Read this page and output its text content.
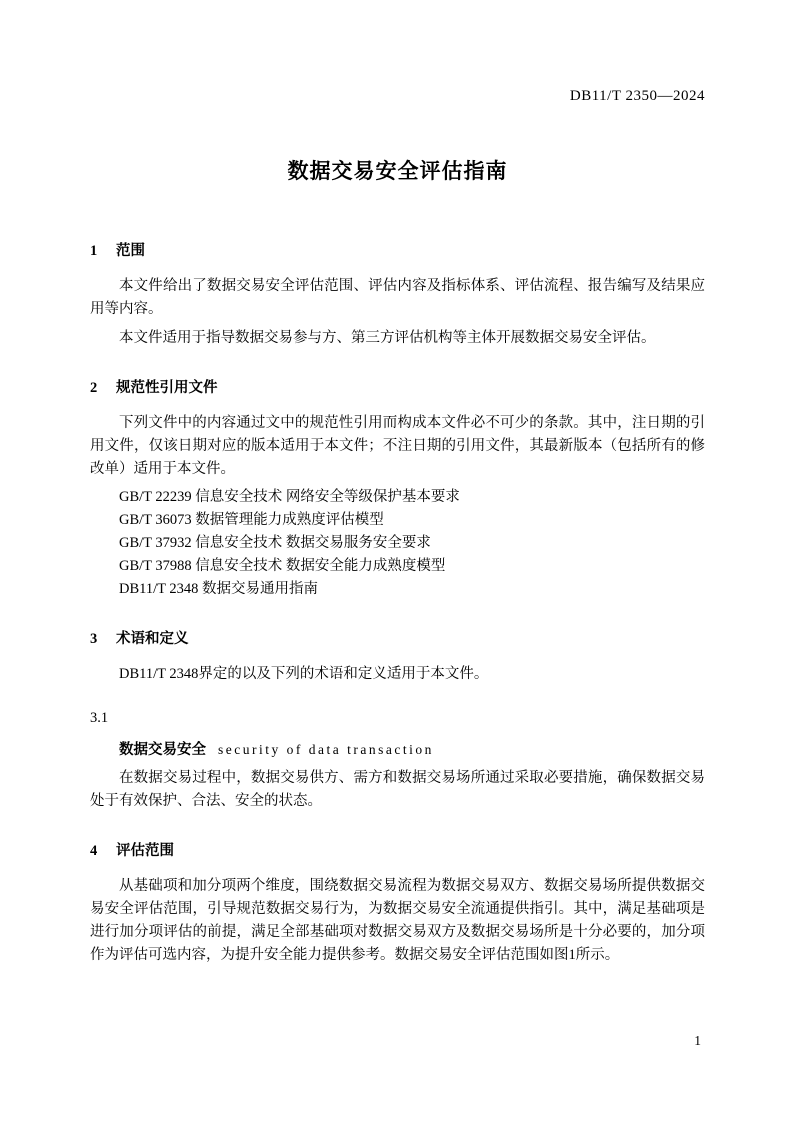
DB11/T 2350—2024
数据交易安全评估指南
1 范围

本文件给出了数据交易安全评估范围、评估内容及指标体系、评估流程、报告编写及结果应用等内容。

本文件适用于指导数据交易参与方、第三方评估机构等主体开展数据交易安全评估。

2 规范性引用文件

下列文件中的内容通过文中的规范性引用而构成本文件必不可少的条款。其中，注日期的引用文件，仅该日期对应的版本适用于本文件；不注日期的引用文件，其最新版本（包括所有的修改单）适用于本文件。

GB/T 22239 信息安全技术 网络安全等级保护基本要求

GB/T 36073 数据管理能力成熟度评估模型

GB/T 37932 信息安全技术 数据交易服务安全要求

GB/T 37988 信息安全技术 数据安全能力成熟度模型

DB11/T 2348 数据交易通用指南

3 术语和定义

DB11/T 2348界定的以及下列的术语和定义适用于本文件。

3.1
数据交易安全 security of data transaction

在数据交易过程中，数据交易供方、需方和数据交易场所通过采取必要措施，确保数据交易处于有效保护、合法、安全的状态。

4 评估范围

从基础项和加分项两个维度，围绕数据交易流程为数据交易双方、数据交易场所提供数据交易安全评估范围，引导规范数据交易行为，为数据交易安全流通提供指引。其中，满足基础项是进行加分项评估的前提，满足全部基础项对数据交易双方及数据交易场所是十分必要的，加分项作为评估可选内容，为提升安全能力提供参考。数据交易安全评估范围如图1所示。

1
